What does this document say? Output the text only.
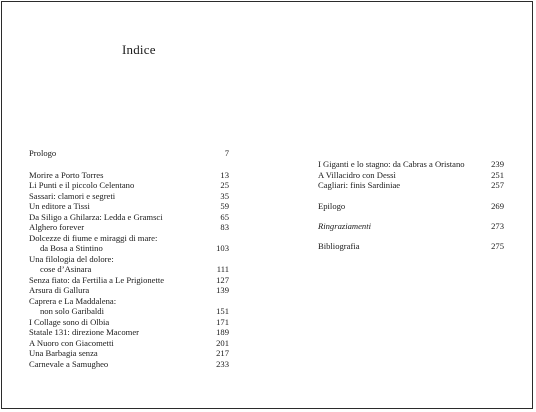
Indice
Prologo	7
Morire a Porto Torres	13
Li Punti e il piccolo Celentano	25
Sassari: clamori e segreti	35
Un editore a Tissi	59
Da Siligo a Ghilarza: Ledda e Gramsci	65
Alghero forever	83
Dolcezze di fiume e miraggi di mare:
da Bosa a Stintino	103
Una filologia del dolore:
cose d’Asinara	111
Senza fiato: da Fertilia a Le Prigionette	127
Arsura di Gallura	139
Caprera e La Maddalena:
non solo Garibaldi	151
I Collage sono di Olbia	171
Statale 131: direzione Macomer	189
A Nuoro con Giacometti	201
Una Barbagia senza	217
Carnevale a Samugheo	233
I Giganti e lo stagno: da Cabras a Oristano	239
A Villacidro con Dessì	251
Cagliari: finis Sardiniae	257
Epilogo	269
Ringraziamenti	273
Bibliografia	275
